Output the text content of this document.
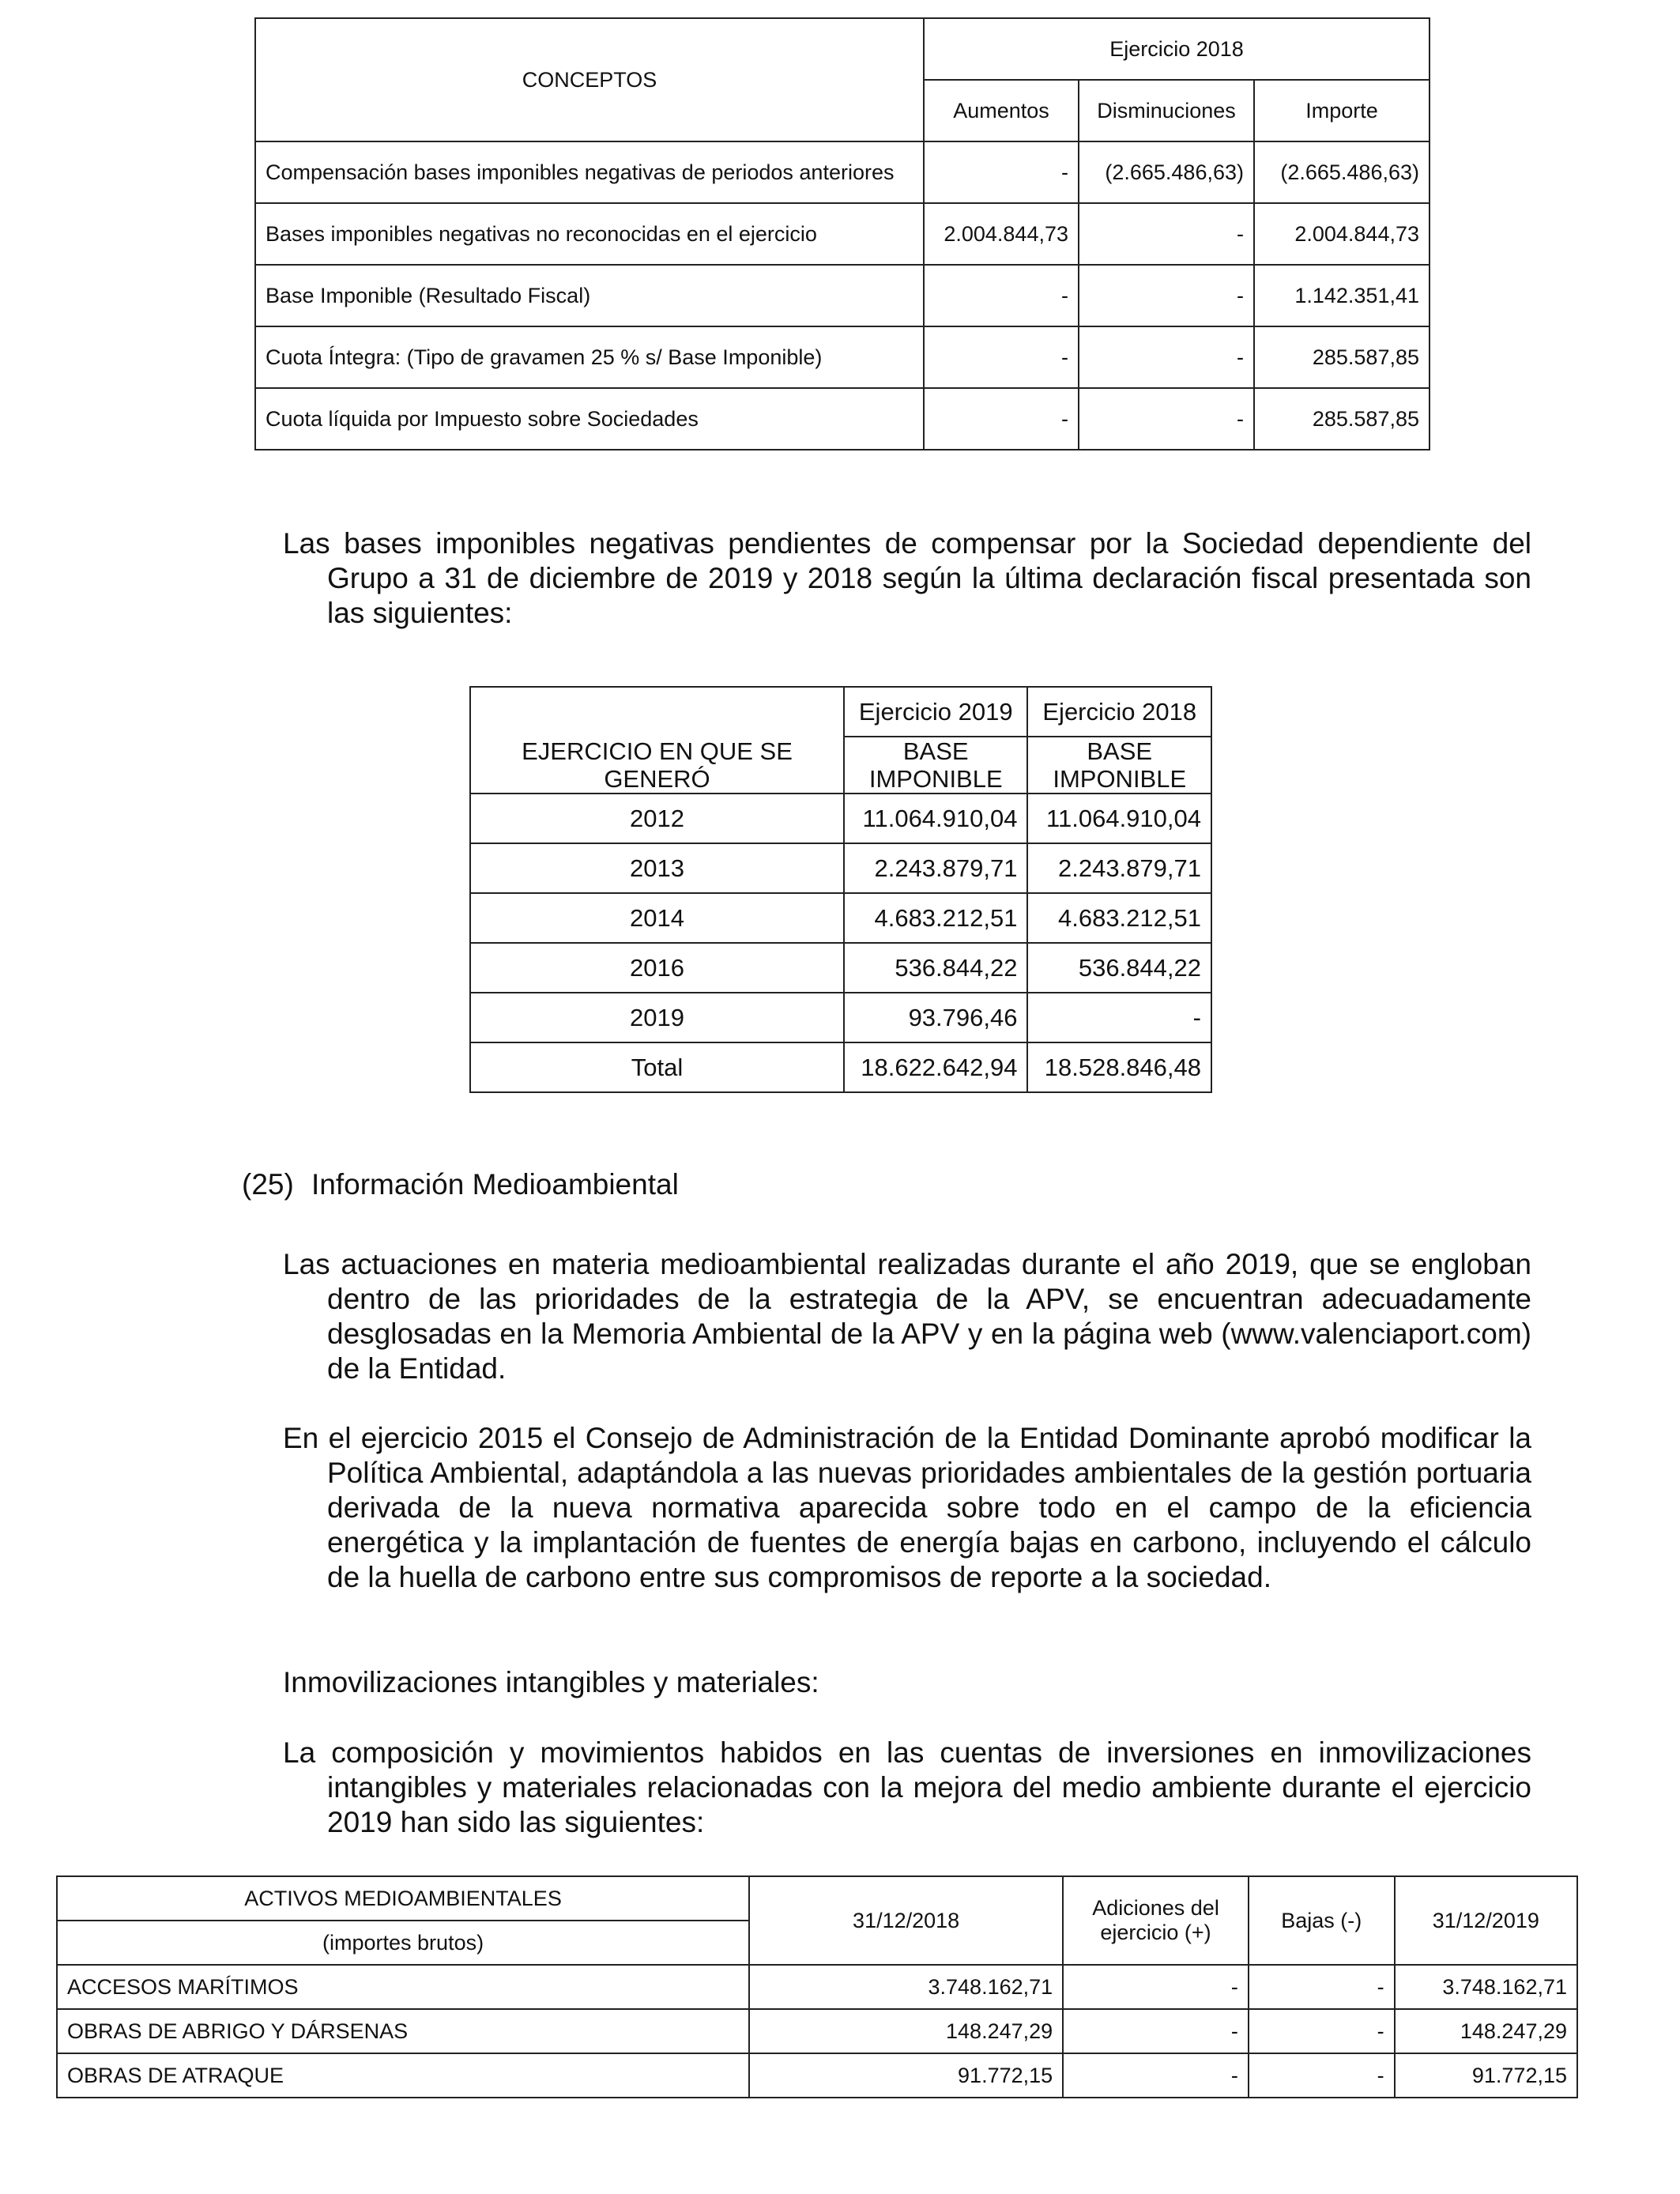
CONCEPTOS	Ejercicio 2018		
	Aumentos	Disminuciones	Importe
Compensación bases imponibles negativas de periodos anteriores	-	(2.665.486,63)	(2.665.486,63)
Bases imponibles negativas no reconocidas en el ejercicio	2.004.844,73	-	2.004.844,73
Base Imponible (Resultado Fiscal)	-	-	1.142.351,41
Cuota Íntegra: (Tipo de gravamen 25 % s/ Base Imponible)	-	-	285.587,85
Cuota líquida por Impuesto sobre Sociedades	-	-	285.587,85

Las bases imponibles negativas pendientes de compensar por la Sociedad dependiente del Grupo a 31 de diciembre de 2019 y 2018 según la última declaración fiscal presentada son las siguientes:

	Ejercicio 2019	Ejercicio 2018
EJERCICIO EN QUE SE GENERÓ	BASE IMPONIBLE	BASE IMPONIBLE
2012	11.064.910,04	11.064.910,04
2013	2.243.879,71	2.243.879,71
2014	4.683.212,51	4.683.212,51
2016	536.844,22	536.844,22
2019	93.796,46	-
Total	18.622.642,94	18.528.846,48

(25) Información Medioambiental

Las actuaciones en materia medioambiental realizadas durante el año 2019, que se engloban dentro de las prioridades de la estrategia de la APV, se encuentran adecuadamente desglosadas en la Memoria Ambiental de la APV y en la página web (www.valenciaport.com) de la Entidad.

En el ejercicio 2015 el Consejo de Administración de la Entidad Dominante aprobó modificar la Política Ambiental, adaptándola a las nuevas prioridades ambientales de la gestión portuaria derivada de la nueva normativa aparecida sobre todo en el campo de la eficiencia energética y la implantación de fuentes de energía bajas en carbono, incluyendo el cálculo de la huella de carbono entre sus compromisos de reporte a la sociedad.

Inmovilizaciones intangibles y materiales:

La composición y movimientos habidos en las cuentas de inversiones en inmovilizaciones intangibles y materiales relacionadas con la mejora del medio ambiente durante el ejercicio 2019 han sido las siguientes:

ACTIVOS MEDIOAMBIENTALES	31/12/2018	Adiciones del ejercicio (+)	Bajas (-)	31/12/2019
(importes brutos)				
ACCESOS MARÍTIMOS	3.748.162,71	-	-	3.748.162,71
OBRAS DE ABRIGO Y DÁRSENAS	148.247,29	-	-	148.247,29
OBRAS DE ATRAQUE	91.772,15	-	-	91.772,15
